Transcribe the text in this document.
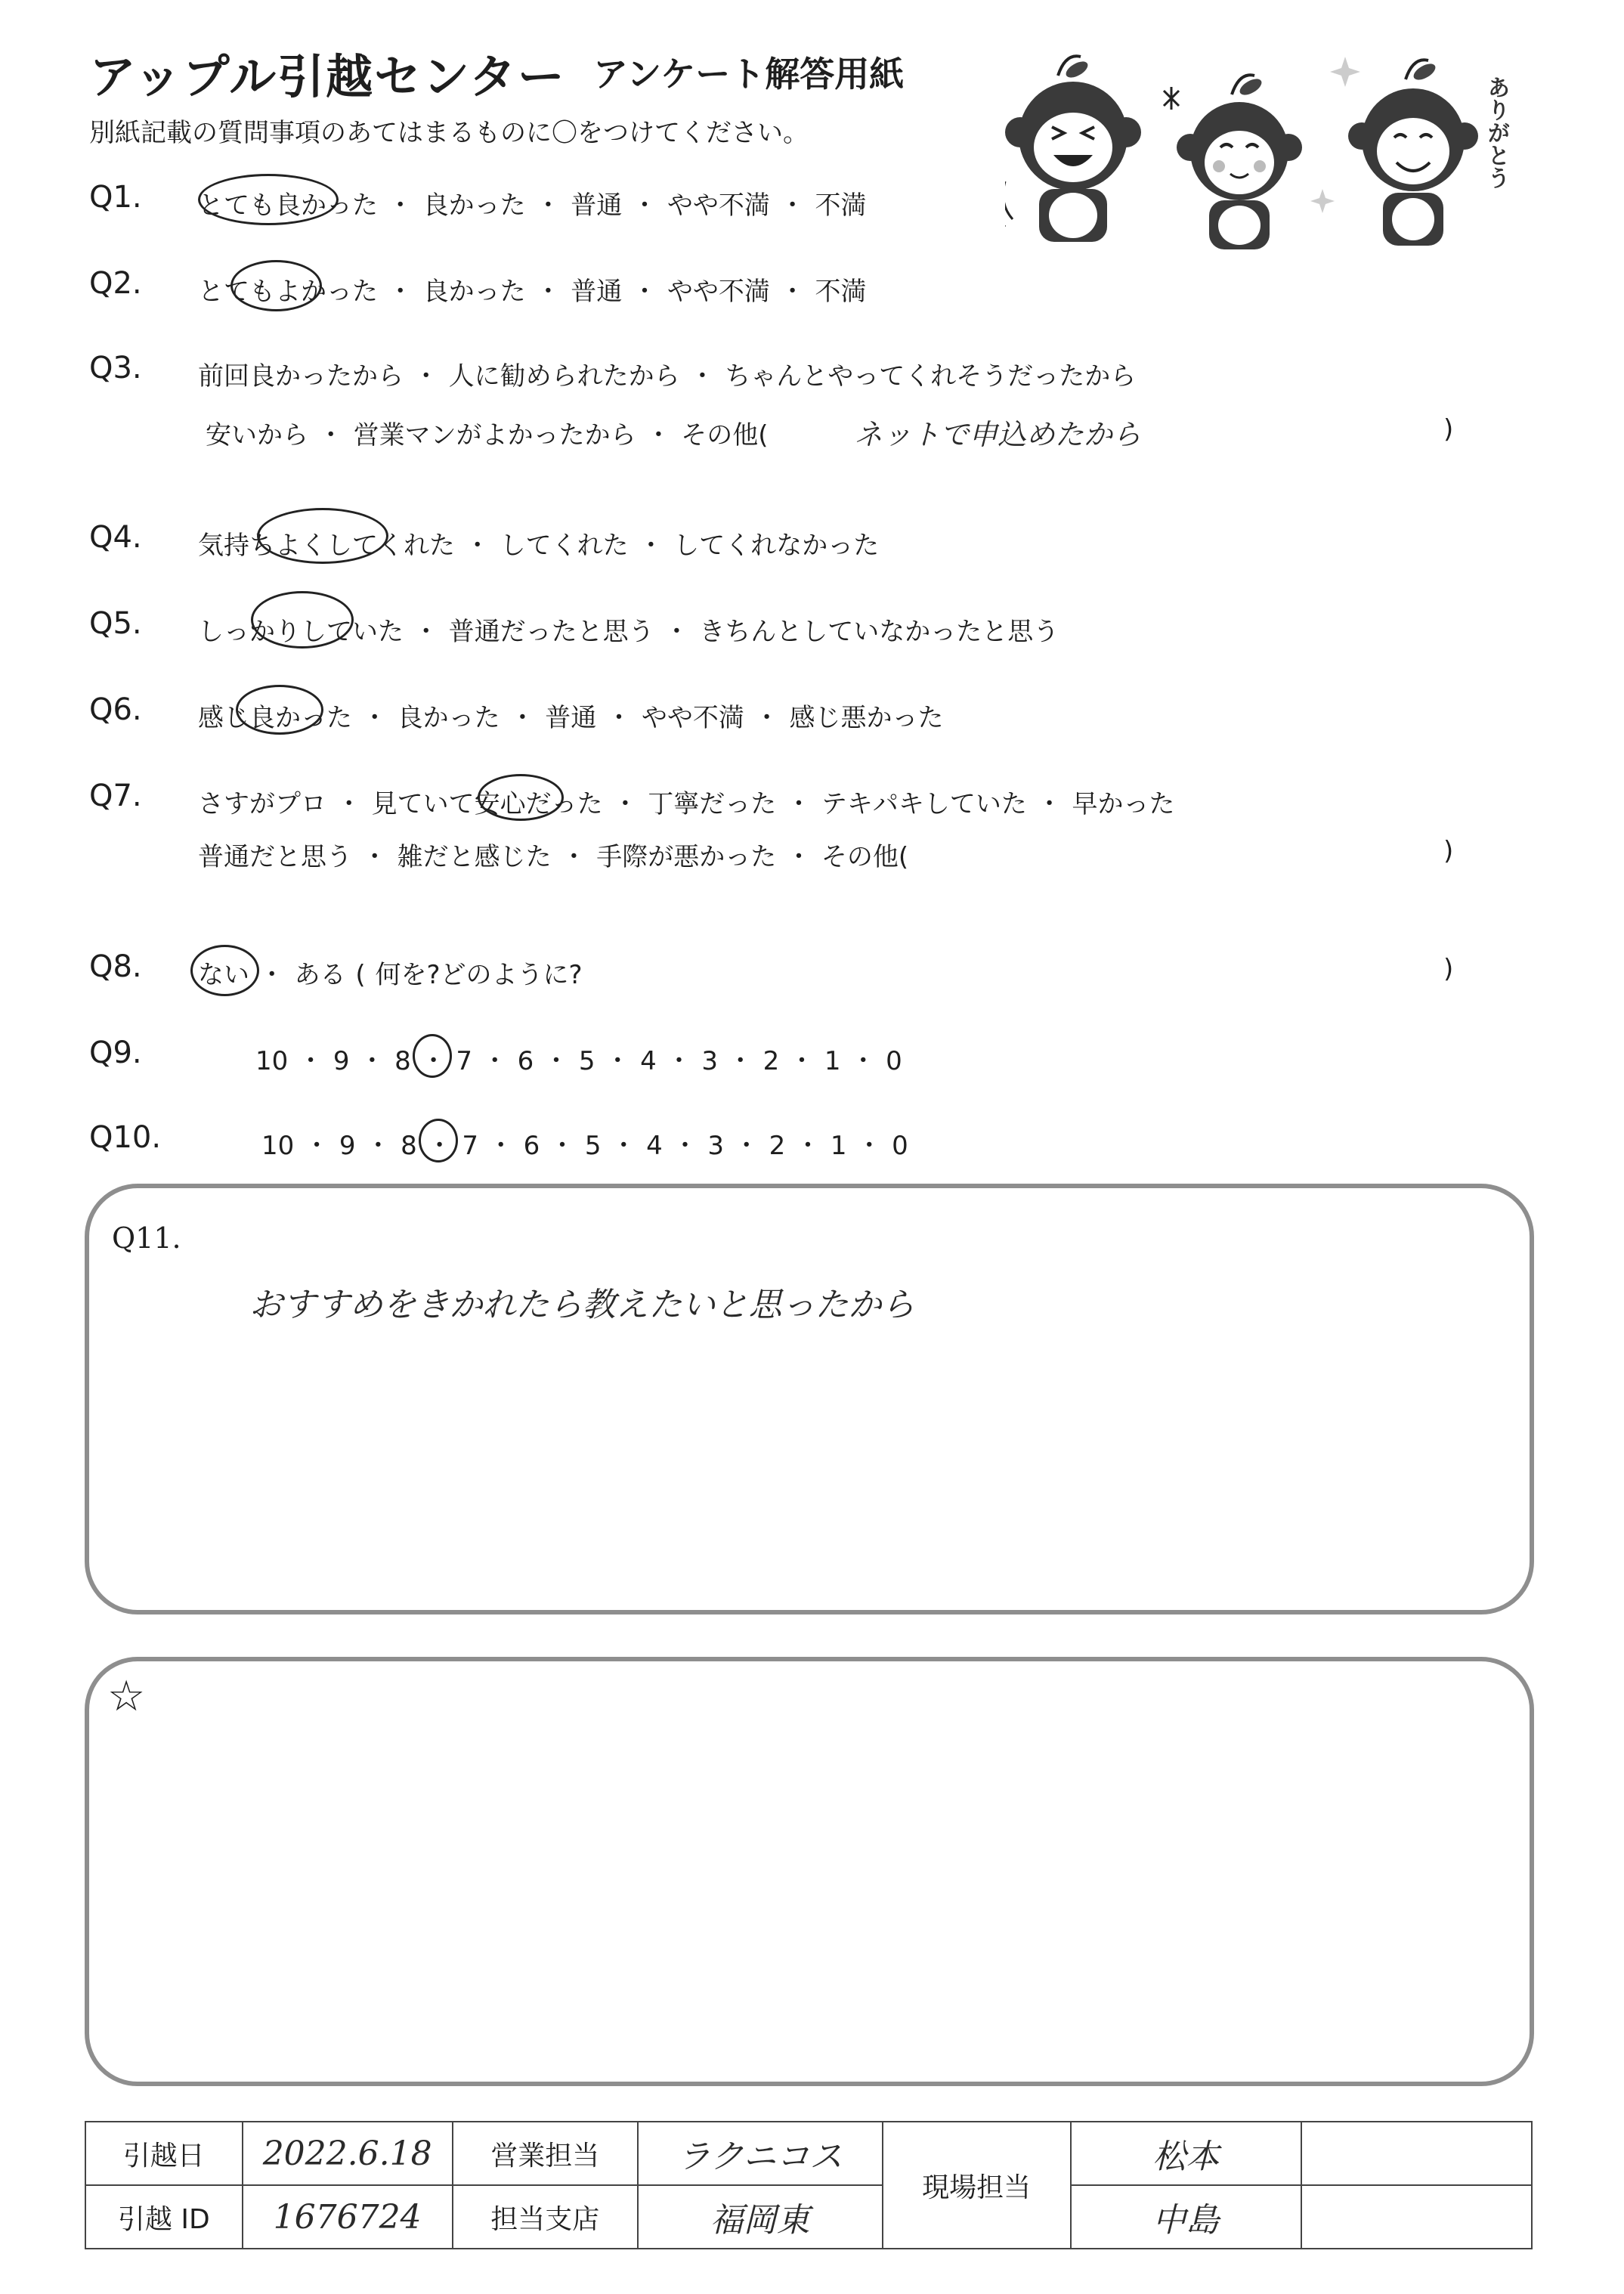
アップル引越センター アンケート解答用紙
別紙記載の質問事項のあてはまるものに〇をつけてください。	ありがとう
Q1. とても良かった ・ 良かった ・ 普通 ・ やや不満 ・ 不満
Q2. とてもよかった ・ 良かった ・ 普通 ・ やや不満 ・ 不満
Q3. 前回良かったから ・ 人に勧められたから ・ ちゃんとやってくれそうだったから
安いから ・ 営業マンがよかったから ・ その他(	ネットで申込めたから	)
Q4. 気持ちよくしてくれた ・ してくれた ・ してくれなかった
Q5. しっかりしていた ・ 普通だったと思う ・ きちんとしていなかったと思う
Q6. 感じ良かった ・ 良かった ・ 普通 ・ やや不満 ・ 感じ悪かった
Q7. さすがプロ ・ 見ていて安心だった ・ 丁寧だった ・ テキパキしていた ・ 早かった
普通だと思う ・ 雑だと感じた ・ 手際が悪かった ・ その他(	)
Q8. ない ・ ある ( 何を?どのように?	)
Q9.	10 ・ 9 ・ 8 ・ 7 ・ 6 ・ 5 ・ 4 ・ 3 ・ 2 ・ 1 ・ 0
Q10.	10 ・ 9 ・ 8 ・ 7 ・ 6 ・ 5 ・ 4 ・ 3 ・ 2 ・ 1 ・ 0
Q11.
おすすめをきかれたら教えたいと思ったから
☆
引越日	2022.6.18	営業担当	ラクニコス	現場担当	松本	
引越 ID	1676724	担当支店	福岡東		中島	
